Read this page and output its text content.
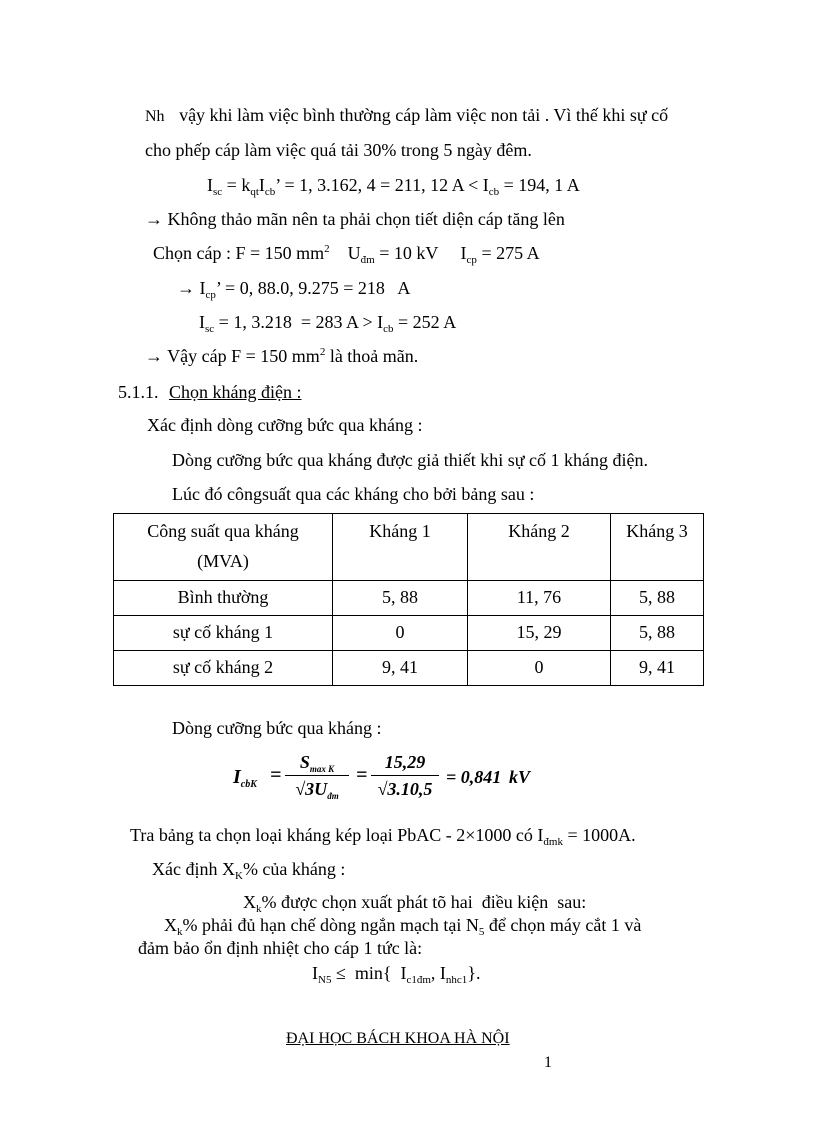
Nh vậy khi làm việc bình thường cáp làm việc non tải . Vì thế khi sự cố
cho phếp cáp làm việc quá tải 30% trong 5 ngày đêm.
$I_{sc} = k_{qt}I_{cb}$’ = 1, 3.162, 4 = 211, 12 $A < I_{cb} = 194$, 1 A
→ Không thảo mãn nên ta phải chọn tiết diện cáp tăng lên
Chọn cáp : F = 150 $mm^2$    $U_{đm} = 10$ kV     $I_{cp} = 275$ A
→ $I_{cp}$’ = 0, 88.0, 9.275 = 218   A
$I_{sc} = 1$, 3.218  = 283 $A > I_{cb} = 252$ A
→ Vậy cáp F = 150 $mm^2$ là thoả mãn.
5.1.1. Chọn kháng điện :
Xác định dòng cưỡng bức qua kháng :
Dòng cưỡng bức qua kháng được giả thiết khi sự cố 1 kháng điện.
Lúc đó côngsuất qua các kháng cho bởi bảng sau :
Công suất qua kháng
(MVA)	Kháng 1	Kháng 2	Kháng 3
Bình thường	5, 88	11, 76	5, 88
sự cố kháng 1	0	15, 29	5, 88
sự cố kháng 2	9, 41	0	9, 41
Dòng cưỡng bức qua kháng :
$I_{cbK}$ =
$S_{max K}$
$√3U_{đm}$
= $\frac{15,29}{√3.10,5} = 0,841$ kV
Tra bảng ta chọn loại kháng kép loại PbAC - 2×1000 có $I_{đmk} = 1000A$.
Xác định $X_K\%$ của kháng :
$X_k\%$ được chọn xuất phát tõ hai  điều kiện  sau:
$X_k\%$ phải đủ hạn chế dòng ngắn mạch tại $N_5$ để chọn máy cắt 1 và
đảm bảo ổn định nhiệt cho cáp 1 tức là:
$I_{N5} \le \min${  $I_{c1đm}$, $I_{nhc1}$}.
ĐẠI HỌC BÁCH KHOA HÀ NỘI
1
